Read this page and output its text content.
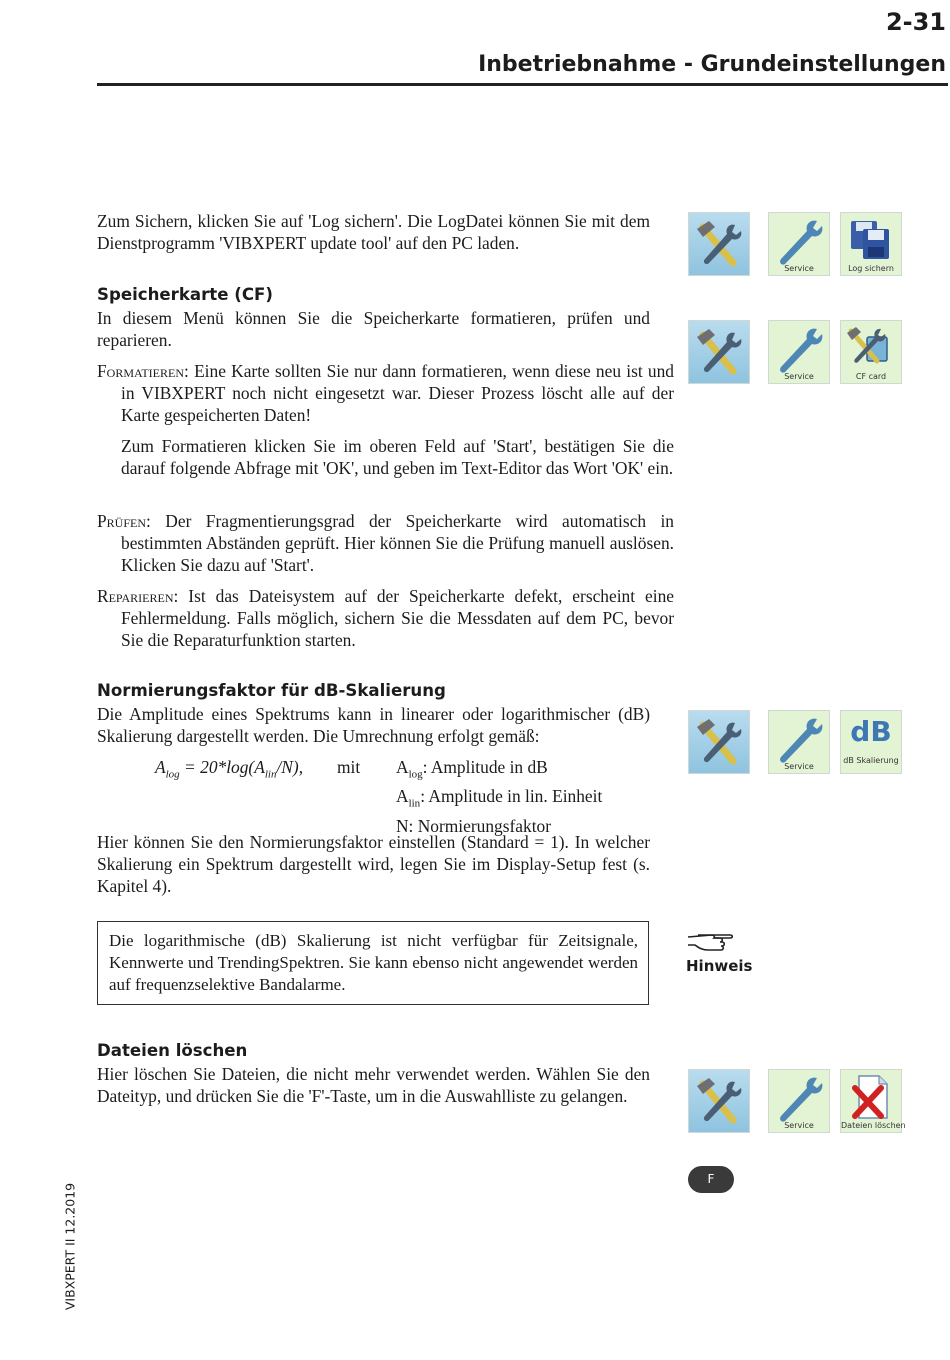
2-31
Inbetriebnahme - Grundeinstellungen

Zum Sichern, klicken Sie auf 'Log sichern'. Die LogDatei können Sie mit dem Dienstprogramm 'VIBXPERT update tool' auf den PC laden.

Speicherkarte (CF)

In diesem Menü können Sie die Speicherkarte formatieren, prüfen und reparieren.

Formatieren: Eine Karte sollten Sie nur dann formatieren, wenn diese neu ist und in VIBXPERT noch nicht eingesetzt war. Dieser Prozess löscht alle auf der Karte gespeicherten Daten!

Zum Formatieren klicken Sie im oberen Feld auf 'Start', bestätigen Sie die darauf folgende Abfrage mit 'OK', und geben im Text-Editor das Wort 'OK' ein.

Prüfen: Der Fragmentierungsgrad der Speicherkarte wird automatisch in bestimmten Abständen geprüft. Hier können Sie die Prüfung manuell auslösen. Klicken Sie dazu auf 'Start'.

Reparieren: Ist das Dateisystem auf der Speicherkarte defekt, erscheint eine Fehlermeldung. Falls möglich, sichern Sie die Messdaten auf dem PC, bevor Sie die Reparaturfunktion starten.

Normierungsfaktor für dB-Skalierung

Die Amplitude eines Spektrums kann in linearer oder logarithmischer (dB) Skalierung dargestellt werden. Die Umrechnung erfolgt gemäß:

$A_{log} = 20*\log(A_{lin}/N)$, mit $A_{log}$: Amplitude in dB
$A_{lin}$: Amplitude in lin. Einheit
N: Normierungsfaktor

Hier können Sie den Normierungsfaktor einstellen (Standard = 1). In welcher Skalierung ein Spektrum dargestellt wird, legen Sie im Display-Setup fest (s. Kapitel 4).

Die logarithmische (dB) Skalierung ist nicht verfügbar für Zeitsignale, Kennwerte und TrendingSpektren. Sie kann ebenso nicht angewendet werden auf frequenzselektive Bandalarme.
Hinweis
Dateien löschen

Hier löschen Sie Dateien, die nicht mehr verwendet werden. Wählen Sie den Dateityp, und drücken Sie die 'F'-Taste, um in die Auswahlliste zu gelangen.

Service	Log sichern
Service	CF card
Service
dB
dB Skalierung
Service	Dateien löschen
F
VIBXPERT II 12.2019
